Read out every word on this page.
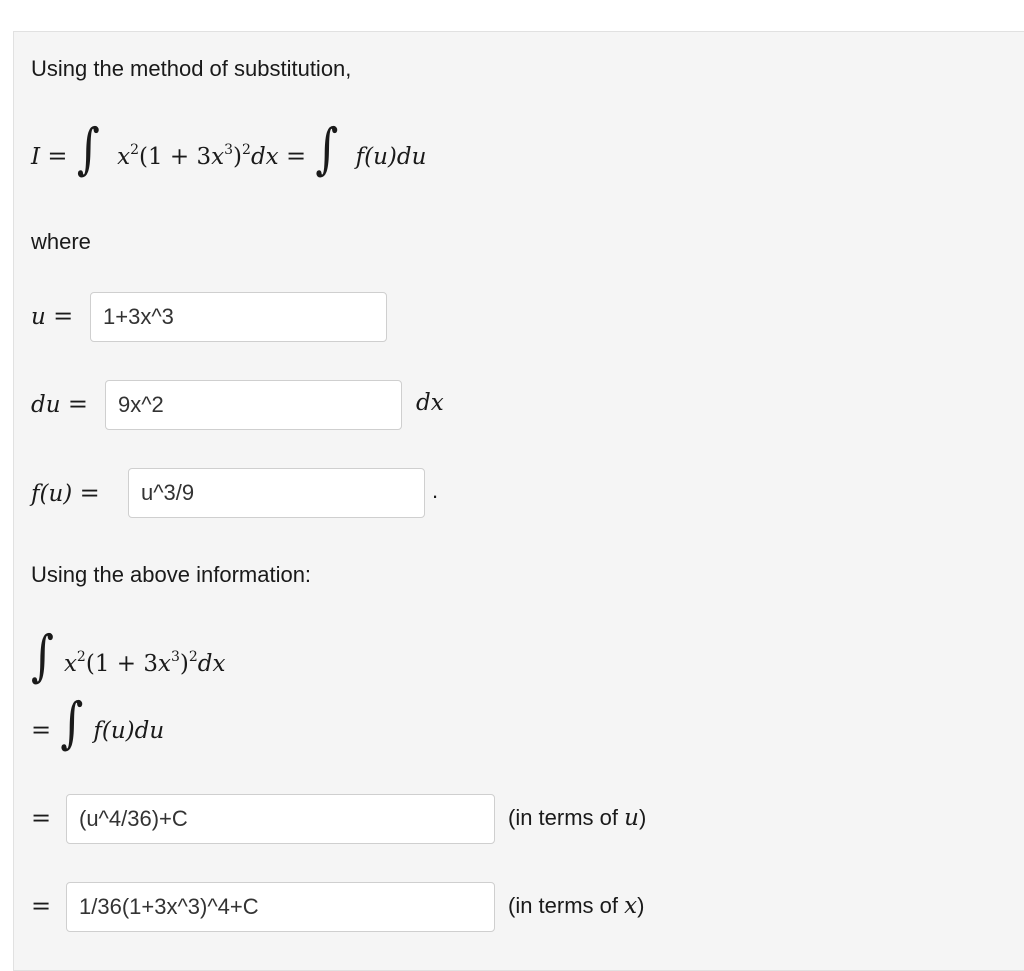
Using the method of substitution,
I = ∫ $x^2(1 + 3x^3)^2dx$ = ∫ f(u)du
where
u =
1+3x^3
du =
9x^2	dx
f(u) =
u^3/9	.
Using the above information:
∫ $x^2(1 + 3x^3)^2dx$
= ∫ f(u)du
=
(u^4/36)+C	(in terms of u)
=
1/36(1+3x^3)^4+C	(in terms of x)
